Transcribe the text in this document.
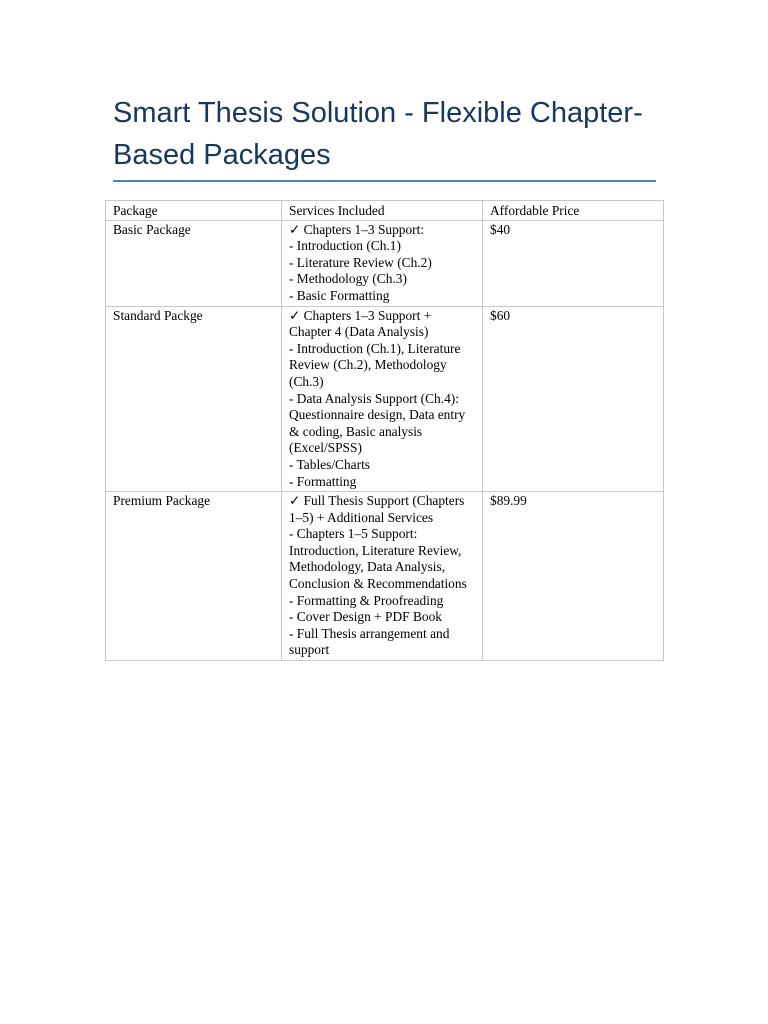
Smart Thesis Solution - Flexible Chapter-Based Packages
Package	Services Included	Affordable Price
Basic Package	✓ Chapters 1–3 Support:
- Introduction (Ch.1)
- Literature Review (Ch.2)
- Methodology (Ch.3)
- Basic Formatting	$40
Standard Packge	✓ Chapters 1–3 Support + Chapter 4 (Data Analysis)
- Introduction (Ch.1), Literature Review (Ch.2), Methodology (Ch.3)
- Data Analysis Support (Ch.4): Questionnaire design, Data entry & coding, Basic analysis (Excel/SPSS)
- Tables/Charts
- Formatting	$60
Premium Package	✓ Full Thesis Support (Chapters 1–5) + Additional Services
- Chapters 1–5 Support: Introduction, Literature Review, Methodology, Data Analysis, Conclusion & Recommendations
- Formatting & Proofreading
- Cover Design + PDF Book
- Full Thesis arrangement and support	$89.99
